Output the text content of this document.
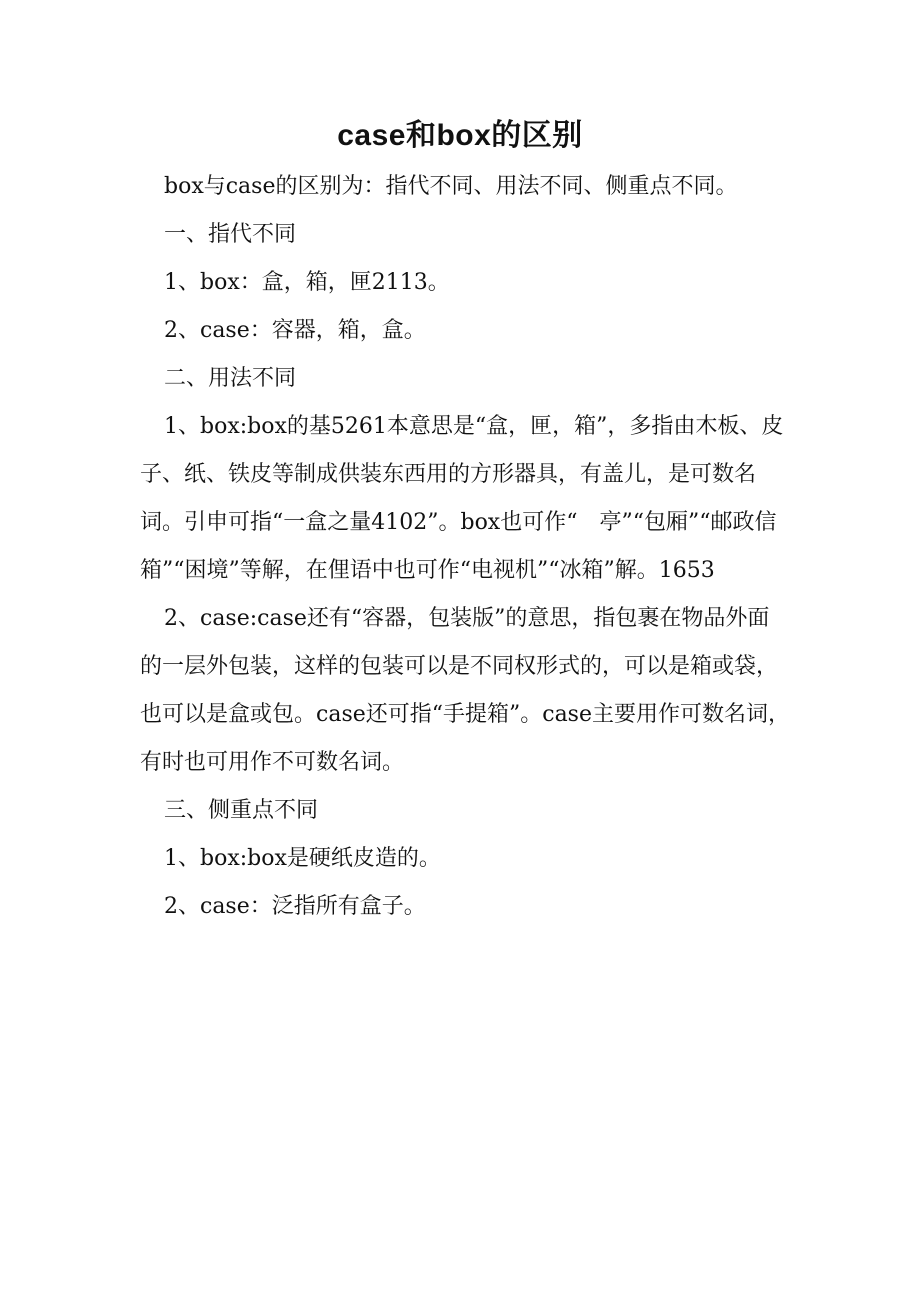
case和box的区别

box与case的区别为：指代不同、用法不同、侧重点不同。

一、指代不同

1、box：盒，箱，匣2113。

2、case：容器，箱，盒。

二、用法不同

1、box:box的基5261本意思是“盒，匣，箱”，多指由木板、皮子、纸、铁皮等制成供装东西用的方形器具，有盖儿，是可数名词。引申可指“一盒之量4102”。box也可作“　亭”“包厢”“邮政信箱”“困境”等解，在俚语中也可作“电视机”“冰箱”解。1653

2、case:case还有“容器，包装版”的意思，指包裹在物品外面的一层外包装，这样的包装可以是不同权形式的，可以是箱或袋，也可以是盒或包。case还可指“手提箱”。case主要用作可数名词，有时也可用作不可数名词。

三、侧重点不同

1、box:box是硬纸皮造的。

2、case：泛指所有盒子。
